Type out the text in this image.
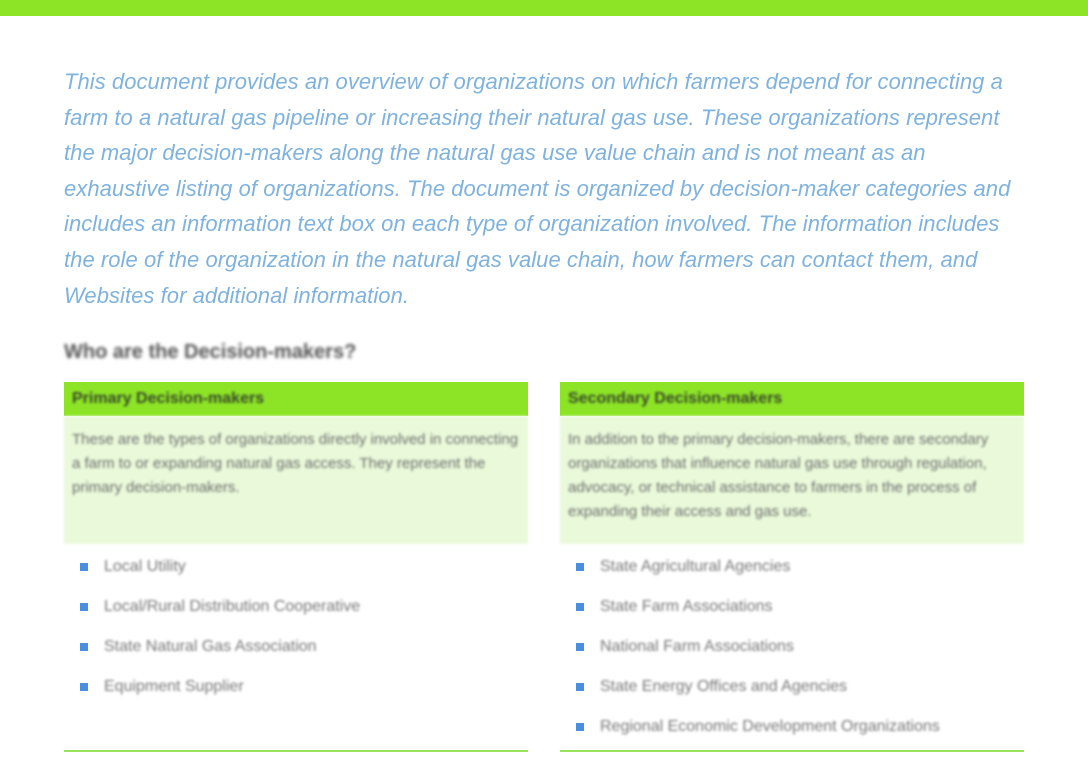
This document provides an overview of organizations on which farmers depend for connecting a farm to a natural gas pipeline or increasing their natural gas use. These organizations represent the major decision-makers along the natural gas use value chain and is not meant as an exhaustive listing of organizations. The document is organized by decision-maker categories and includes an information text box on each type of organization involved. The information includes the role of the organization in the natural gas value chain, how farmers can contact them, and Websites for additional information.

Who are the Decision-makers?
Primary Decision-makers
These are the types of organizations directly involved in connecting a farm to or expanding natural gas access. They represent the primary decision-makers.
Local Utility
Local/Rural Distribution Cooperative
State Natural Gas Association
Equipment Supplier
Secondary Decision-makers
In addition to the primary decision-makers, there are secondary organizations that influence natural gas use through regulation, advocacy, or technical assistance to farmers in the process of expanding their access and gas use.
State Agricultural Agencies
State Farm Associations
National Farm Associations
State Energy Offices and Agencies
Regional Economic Development Organizations
